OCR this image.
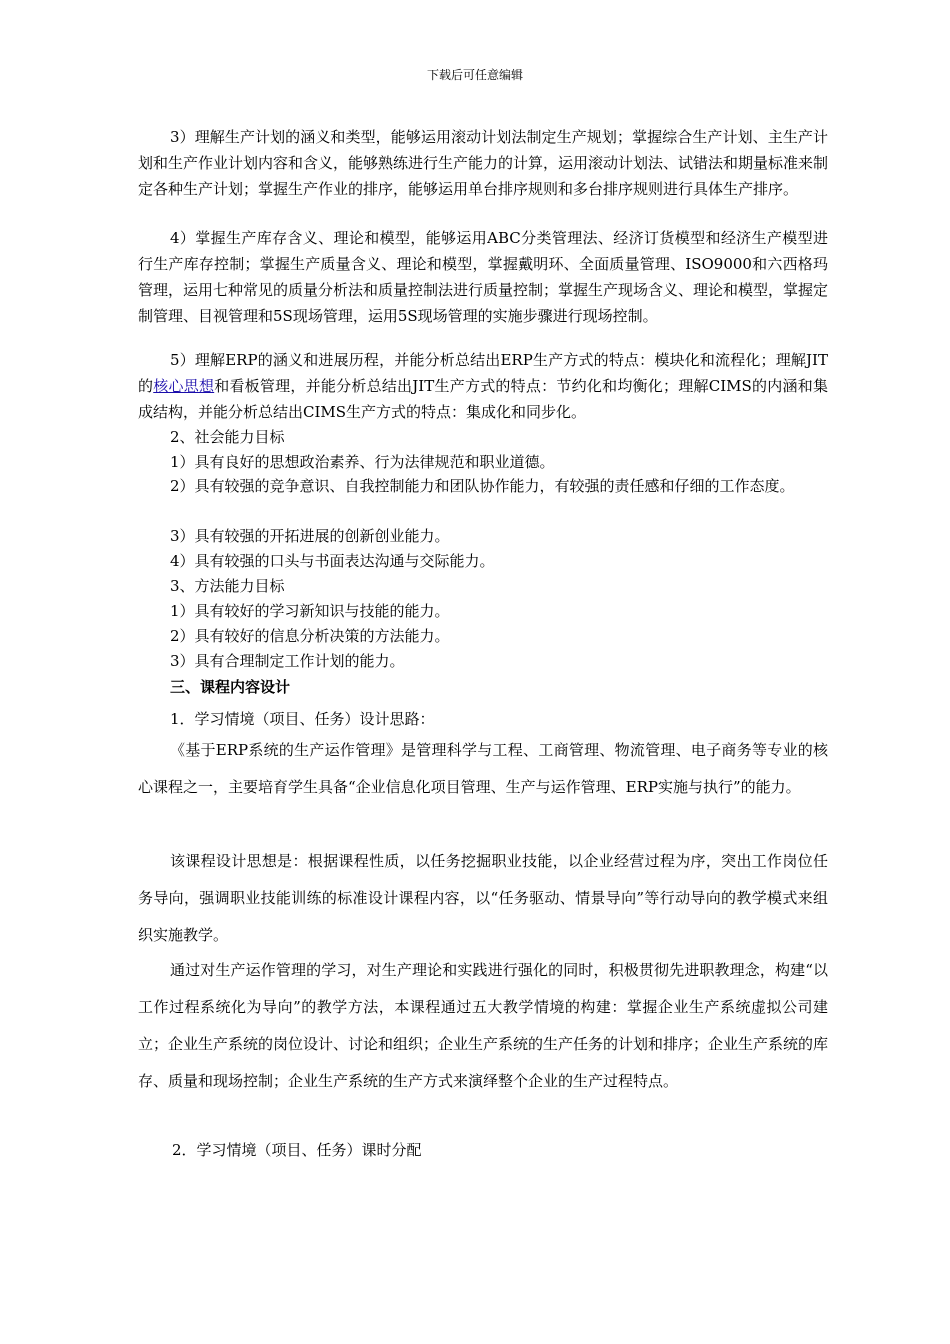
下载后可任意编辑
3）理解生产计划的涵义和类型，能够运用滚动计划法制定生产规划；掌握综合生产计划、主生产计划和生产作业计划内容和含义，能够熟练进行生产能力的计算，运用滚动计划法、试错法和期量标准来制定各种生产计划；掌握生产作业的排序，能够运用单台排序规则和多台排序规则进行具体生产排序。
4）掌握生产库存含义、理论和模型，能够运用ABC分类管理法、经济订货模型和经济生产模型进行生产库存控制；掌握生产质量含义、理论和模型，掌握戴明环、全面质量管理、ISO9000和六西格玛管理，运用七种常见的质量分析法和质量控制法进行质量控制；掌握生产现场含义、理论和模型，掌握定制管理、目视管理和5S现场管理，运用5S现场管理的实施步骤进行现场控制。
5）理解ERP的涵义和进展历程，并能分析总结出ERP生产方式的特点：模块化和流程化；理解JIT的核心思想和看板管理，并能分析总结出JIT生产方式的特点：节约化和均衡化；理解CIMS的内涵和集成结构，并能分析总结出CIMS生产方式的特点：集成化和同步化。
2、社会能力目标
1）具有良好的思想政治素养、行为法律规范和职业道德。
2）具有较强的竞争意识、自我控制能力和团队协作能力，有较强的责任感和仔细的工作态度。
3）具有较强的开拓进展的创新创业能力。
4）具有较强的口头与书面表达沟通与交际能力。
3、方法能力目标
1）具有较好的学习新知识与技能的能力。
2）具有较好的信息分析决策的方法能力。
3）具有合理制定工作计划的能力。
三、课程内容设计
1．学习情境（项目、任务）设计思路：
《基于ERP系统的生产运作管理》是管理科学与工程、工商管理、物流管理、电子商务等专业的核心课程之一，主要培育学生具备“企业信息化项目管理、生产与运作管理、ERP实施与执行”的能力。
该课程设计思想是：根据课程性质，以任务挖掘职业技能，以企业经营过程为序，突出工作岗位任务导向，强调职业技能训练的标准设计课程内容，以“任务驱动、情景导向”等行动导向的教学模式来组织实施教学。
通过对生产运作管理的学习，对生产理论和实践进行强化的同时，积极贯彻先进职教理念，构建“以工作过程系统化为导向”的教学方法，本课程通过五大教学情境的构建：掌握企业生产系统虚拟公司建立；企业生产系统的岗位设计、讨论和组织；企业生产系统的生产任务的计划和排序；企业生产系统的库存、质量和现场控制；企业生产系统的生产方式来演绎整个企业的生产过程特点。
2．学习情境（项目、任务）课时分配
